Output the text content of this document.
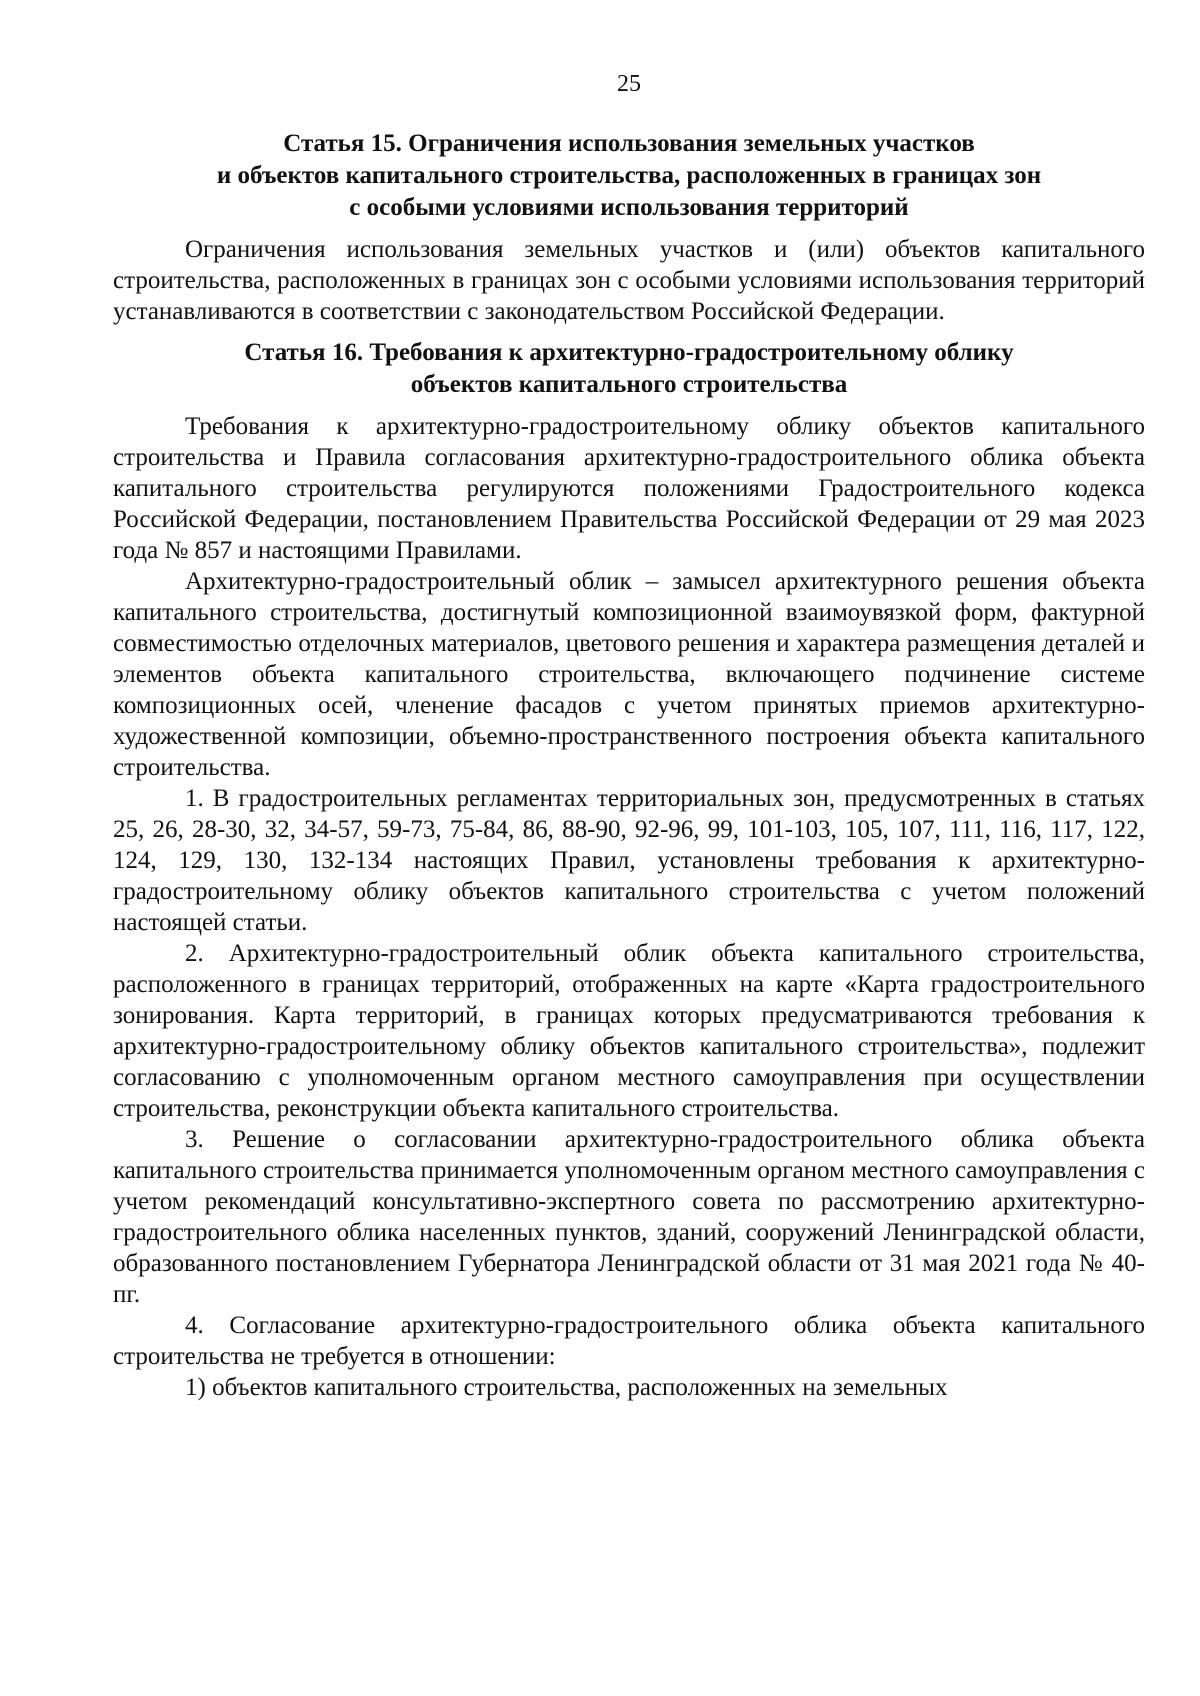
25
Статья 15. Ограничения использования земельных участков
и объектов капитального строительства, расположенных в границах зон
с особыми условиями использования территорий

Ограничения использования земельных участков и (или) объектов капитального строительства, расположенных в границах зон с особыми условиями использования территорий устанавливаются в соответствии с законодательством Российской Федерации.

Статья 16. Требования к архитектурно-градостроительному облику
объектов капитального строительства

Требования к архитектурно-градостроительному облику объектов капитального строительства и Правила согласования архитектурно-градостроительного облика объекта капитального строительства регулируются положениями Градостроительного кодекса Российской Федерации, постановлением Правительства Российской Федерации от 29 мая 2023 года № 857 и настоящими Правилами.

Архитектурно-градостроительный облик – замысел архитектурного решения объекта капитального строительства, достигнутый композиционной взаимоувязкой форм, фактурной совместимостью отделочных материалов, цветового решения и характера размещения деталей и элементов объекта капитального строительства, включающего подчинение системе композиционных осей, членение фасадов с учетом принятых приемов архитектурно-художественной композиции, объемно-пространственного построения объекта капитального строительства.

1. В градостроительных регламентах территориальных зон, предусмотренных в статьях 25, 26, 28-30, 32, 34-57, 59-73, 75-84, 86, 88-90, 92-96, 99, 101-103, 105, 107, 111, 116, 117, 122, 124, 129, 130, 132-134 настоящих Правил, установлены требования к архитектурно-градостроительному облику объектов капитального строительства с учетом положений настоящей статьи.

2. Архитектурно-градостроительный облик объекта капитального строительства, расположенного в границах территорий, отображенных на карте «Карта градостроительного зонирования. Карта территорий, в границах которых предусматриваются требования к архитектурно-градостроительному облику объектов капитального строительства», подлежит согласованию с уполномоченным органом местного самоуправления при осуществлении строительства, реконструкции объекта капитального строительства.

3. Решение о согласовании архитектурно-градостроительного облика объекта капитального строительства принимается уполномоченным органом местного самоуправления с учетом рекомендаций консультативно-экспертного совета по рассмотрению архитектурно-градостроительного облика населенных пунктов, зданий, сооружений Ленинградской области, образованного постановлением Губернатора Ленинградской области от 31 мая 2021 года № 40-пг.

4. Согласование архитектурно-градостроительного облика объекта капитального строительства не требуется в отношении:

1) объектов капитального строительства, расположенных на земельных
